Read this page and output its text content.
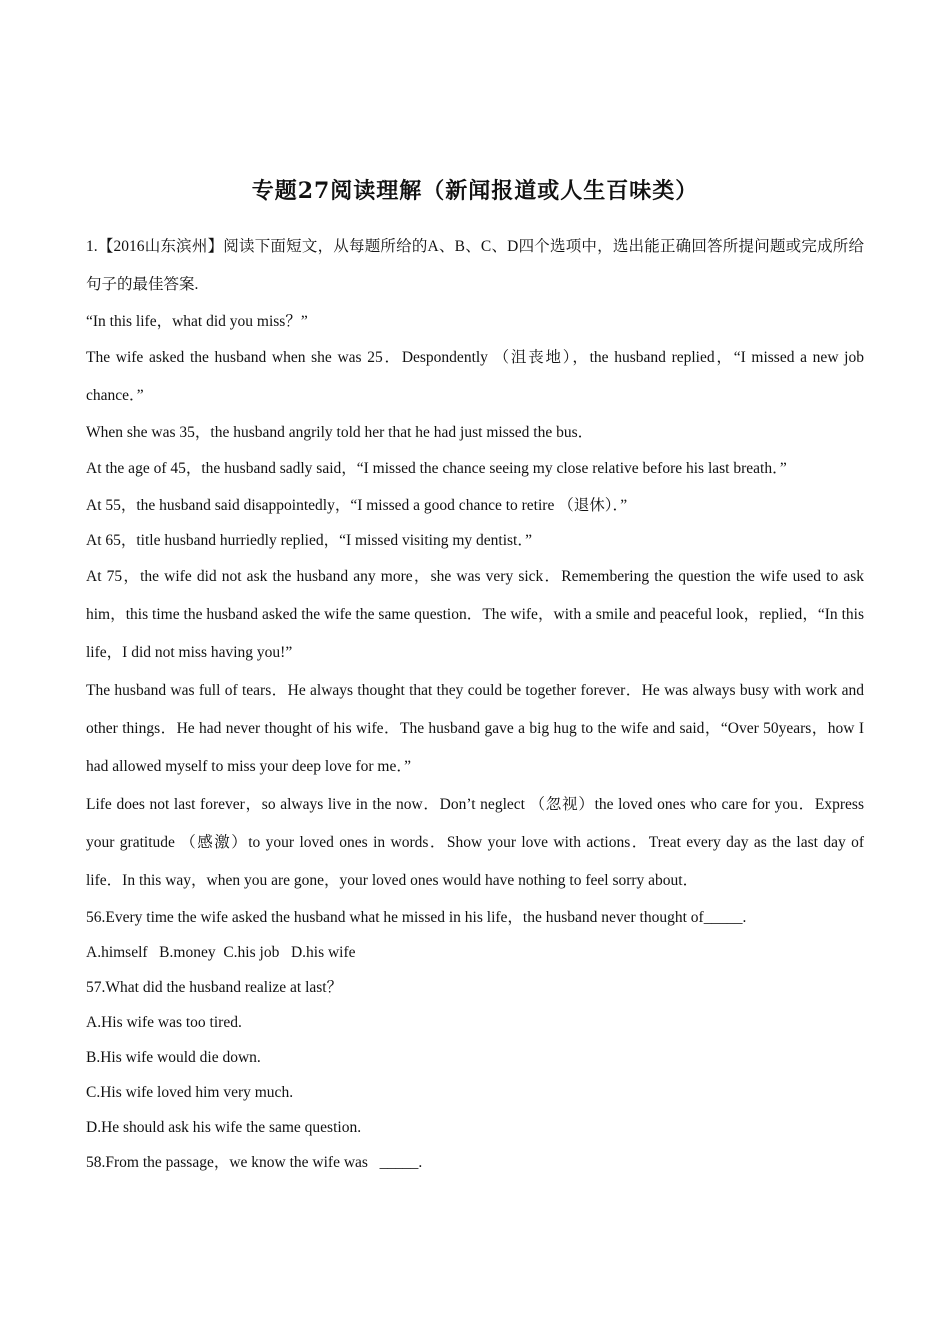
专题27阅读理解（新闻报道或人生百味类）

1.【2016山东滨州】阅读下面短文，从每题所给的A、B、C、D四个选项中，选出能正确回答所提问题或完成所给句子的最佳答案.

“In this life，what did you miss？”

The wife asked the husband when she was 25．Despondently （沮丧地），the husband replied，“I missed a new job chance．”

When she was 35，the husband angrily told her that he had just missed the bus．

At the age of 45，the husband sadly said，“I missed the chance seeing my close relative before his last breath．”

At 55，the husband said disappointedly，“I missed a good chance to retire （退休）．”

At 65，title husband hurriedly replied，“I missed visiting my dentist．”

At 75，the wife did not ask the husband any more，she was very sick．Remembering the question the wife used to ask him，this time the husband asked the wife the same question．The wife，with a smile and peaceful look，replied，“In this life，I did not miss having you!”

The husband was full of tears．He always thought that they could be together forever．He was always busy with work and other things．He had never thought of his wife．The husband gave a big hug to the wife and said，“Over 50years，how I had allowed myself to miss your deep love for me．”

Life does not last forever，so always live in the now．Don’t neglect （忽视）the loved ones who care for you．Express your gratitude （感激）to your loved ones in words．Show your love with actions．Treat every day as the last day of life．In this way，when you are gone，your loved ones would have nothing to feel sorry about．

56.Every time the wife asked the husband what he missed in his life，the husband never thought of_____.

A.himself   B.money  C.his job   D.his wife

57.What did the husband realize at last？

A.His wife was too tired.

B.His wife would die down.

C.His wife loved him very much.

D.He should ask his wife the same question.

58.From the passage，we know the wife was   _____.
